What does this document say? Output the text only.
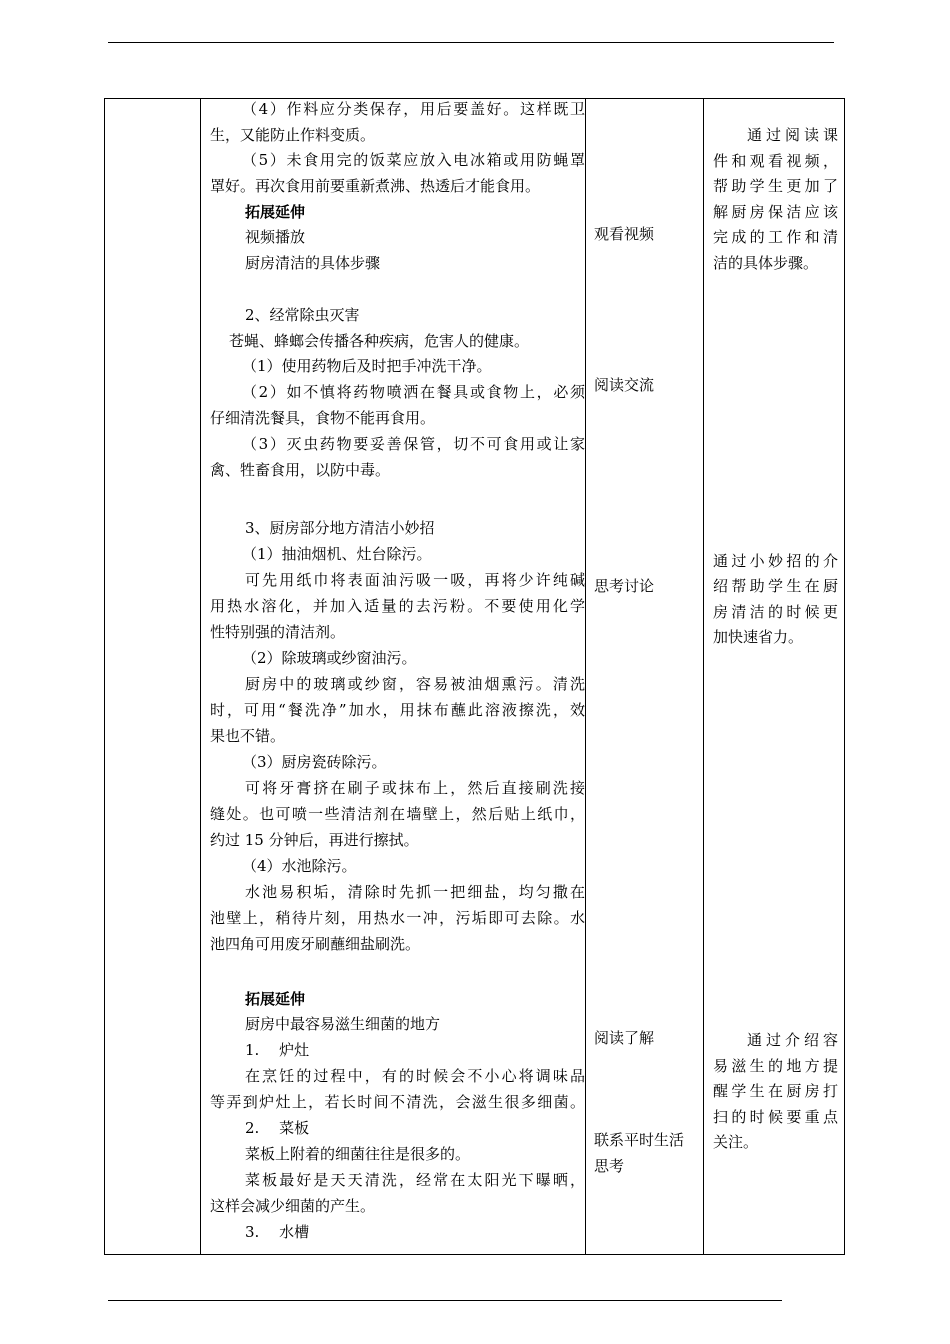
（4）作料应分类保存，用后要盖好。这样既卫
生，又能防止作料变质。
（5）未食用完的饭菜应放入电冰箱或用防蝇罩
罩好。再次食用前要重新煮沸、热透后才能食用。
拓展延伸
视频播放
厨房清洁的具体步骤
2、经常除虫灭害
苍蝇、蜂螂会传播各种疾病，危害人的健康。
（1）使用药物后及时把手冲洗干净。
（2）如不慎将药物喷洒在餐具或食物上，必须
仔细清洗餐具，食物不能再食用。
（3）灭虫药物要妥善保管，切不可食用或让家
禽、牲畜食用，以防中毒。
3、厨房部分地方清洁小妙招
（1）抽油烟机、灶台除污。
可先用纸巾将表面油污吸一吸，再将少许纯碱
用热水溶化，并加入适量的去污粉。不要使用化学
性特别强的清洁剂。
（2）除玻璃或纱窗油污。
厨房中的玻璃或纱窗，容易被油烟熏污。清洗
时，可用“餐洗净”加水，用抹布蘸此溶液擦洗，效
果也不错。
（3）厨房瓷砖除污。
可将牙膏挤在刷子或抹布上，然后直接刷洗接
缝处。也可喷一些清洁剂在墙壁上，然后贴上纸巾，
约过 15 分钟后，再进行擦拭。
（4）水池除污。
水池易积垢，清除时先抓一把细盐，均匀撒在
池壁上，稍待片刻，用热水一冲，污垢即可去除。水
池四角可用废牙刷蘸细盐刷洗。
拓展延伸
厨房中最容易滋生细菌的地方
1.　 炉灶
在烹饪的过程中，有的时候会不小心将调味品
等弄到炉灶上，若长时间不清洗，会滋生很多细菌。
2.　 菜板
菜板上附着的细菌往往是很多的。
菜板最好是天天清洗，经常在太阳光下曝晒，
这样会减少细菌的产生。
3.　 水槽
观看视频
阅读交流
思考讨论
阅读了解
联系平时生活
思考
通过阅读课
件和观看视频，
帮助学生更加了
解厨房保洁应该
完成的工作和清
洁的具体步骤。
通过小妙招的介
绍帮助学生在厨
房清洁的时候更
加快速省力。
通过介绍容
易滋生的地方提
醒学生在厨房打
扫的时候要重点
关注。
